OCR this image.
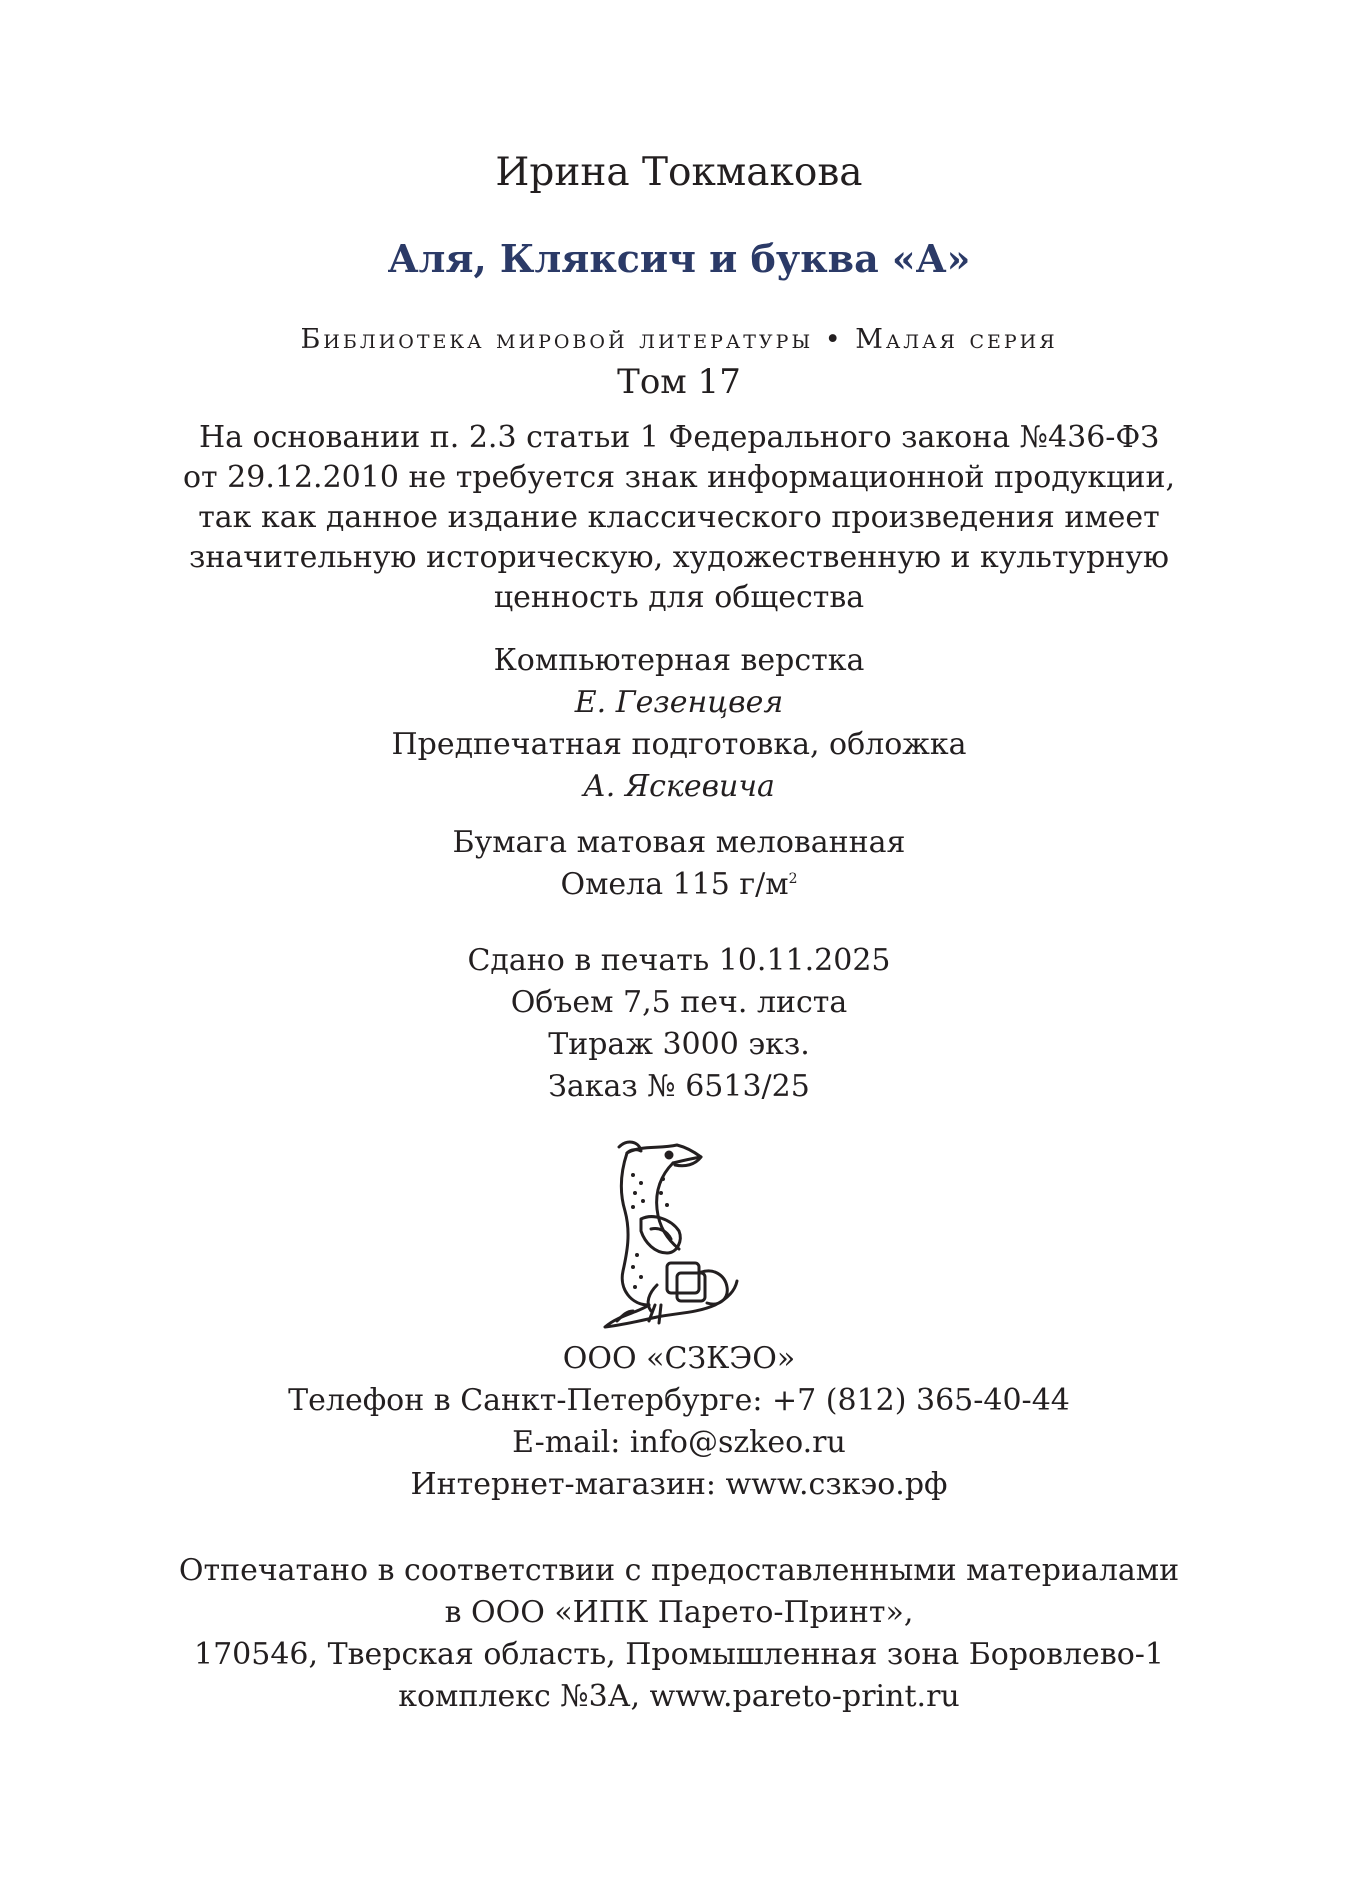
Ирина Токмакова
Аля, Кляксич и буква «А»
Библиотека мировой литературы • Малая серия
Том 17
На основании п. 2.3 статьи 1 Федерального закона №436-ФЗ
от 29.12.2010 не требуется знак информационной продукции,
так как данное издание классического произведения имеет
значительную историческую, художественную и культурную
ценность для общества
Компьютерная верстка
Е. Гезенцвея
Предпечатная подготовка, обложка
А. Яскевича
Бумага матовая мелованная
Омела 115 $г/м^2$
Сдано в печать 10.11.2025
Объем 7,5 печ. листа
Тираж 3000 экз.
Заказ № 6513/25
ООО «СЗКЭО»
Телефон в Санкт-Петербурге: +7 (812) 365-40-44
E-mail: info@szkeo.ru
Интернет-магазин: www.сзкэо.рф
Отпечатано в соответствии с предоставленными материалами
в ООО «ИПК Парето-Принт»,
170546, Тверская область, Промышленная зона Боровлево-1
комплекс №3А, www.pareto-print.ru
